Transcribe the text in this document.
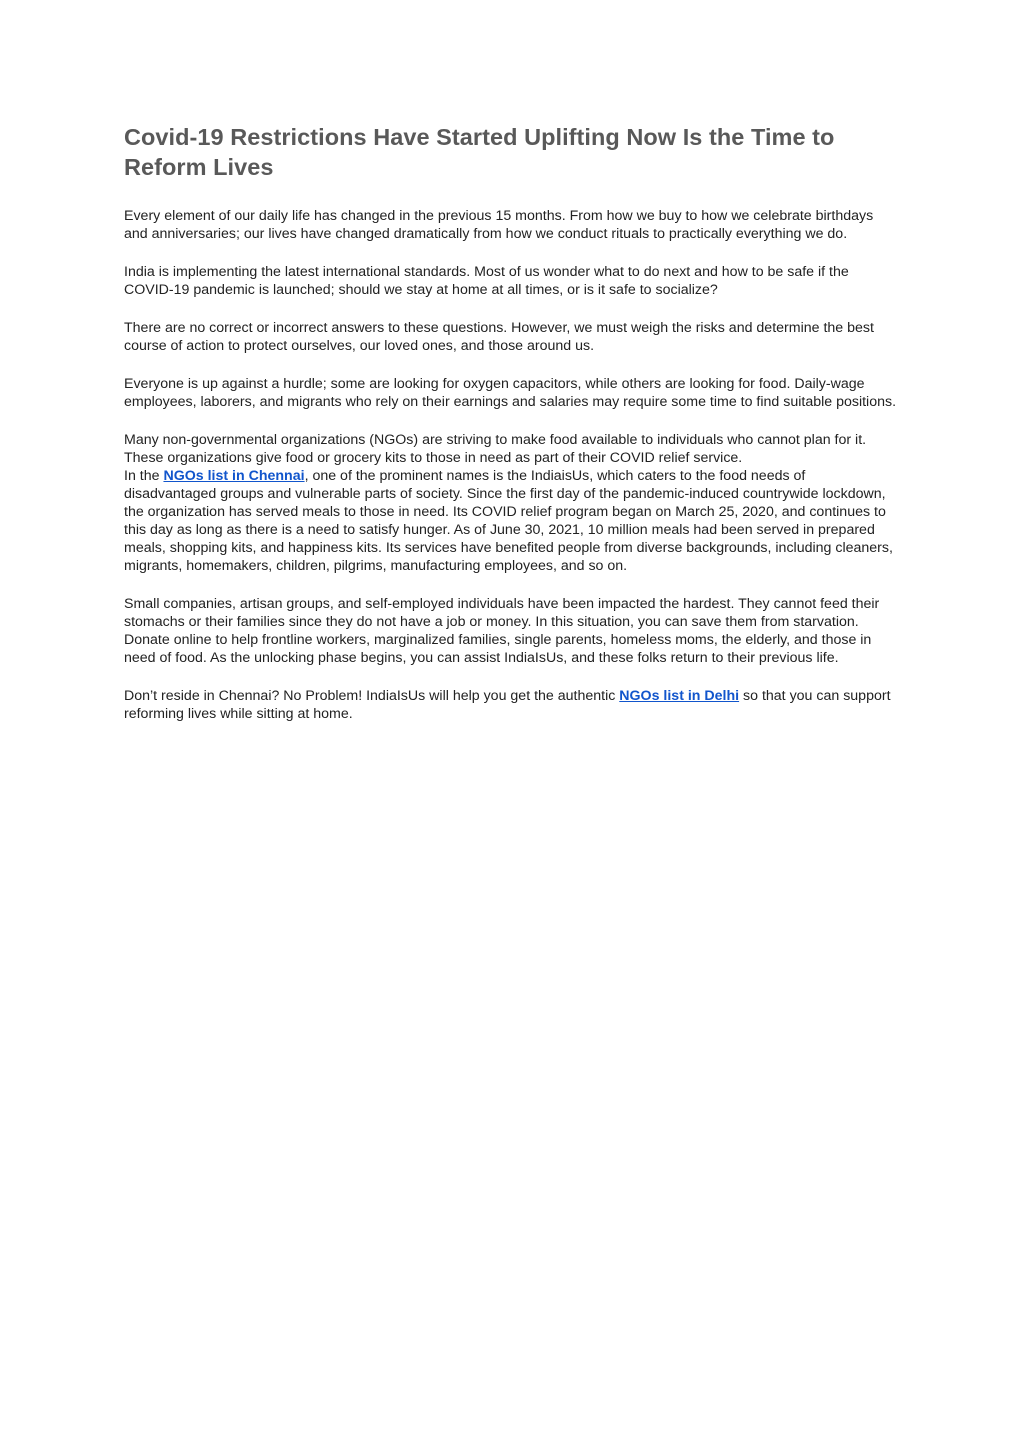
Covid-19 Restrictions Have Started Uplifting Now Is the Time to Reform Lives

Every element of our daily life has changed in the previous 15 months. From how we buy to how we celebrate birthdays and anniversaries; our lives have changed dramatically from how we conduct rituals to practically everything we do.

India is implementing the latest international standards. Most of us wonder what to do next and how to be safe if the COVID-19 pandemic is launched; should we stay at home at all times, or is it safe to socialize?

There are no correct or incorrect answers to these questions. However, we must weigh the risks and determine the best course of action to protect ourselves, our loved ones, and those around us.

Everyone is up against a hurdle; some are looking for oxygen capacitors, while others are looking for food. Daily-wage employees, laborers, and migrants who rely on their earnings and salaries may require some time to find suitable positions.

Many non-governmental organizations (NGOs) are striving to make food available to individuals who cannot plan for it. These organizations give food or grocery kits to those in need as part of their COVID relief service.
In the NGOs list in Chennai, one of the prominent names is the IndiaisUs, which caters to the food needs of disadvantaged groups and vulnerable parts of society. Since the first day of the pandemic-induced countrywide lockdown, the organization has served meals to those in need. Its COVID relief program began on March 25, 2020, and continues to this day as long as there is a need to satisfy hunger. As of June 30, 2021, 10 million meals had been served in prepared meals, shopping kits, and happiness kits. Its services have benefited people from diverse backgrounds, including cleaners, migrants, homemakers, children, pilgrims, manufacturing employees, and so on.

Small companies, artisan groups, and self-employed individuals have been impacted the hardest. They cannot feed their stomachs or their families since they do not have a job or money. In this situation, you can save them from starvation. Donate online to help frontline workers, marginalized families, single parents, homeless moms, the elderly, and those in need of food. As the unlocking phase begins, you can assist IndiaIsUs, and these folks return to their previous life.

Don’t reside in Chennai? No Problem! IndiaIsUs will help you get the authentic NGOs list in Delhi so that you can support reforming lives while sitting at home.
